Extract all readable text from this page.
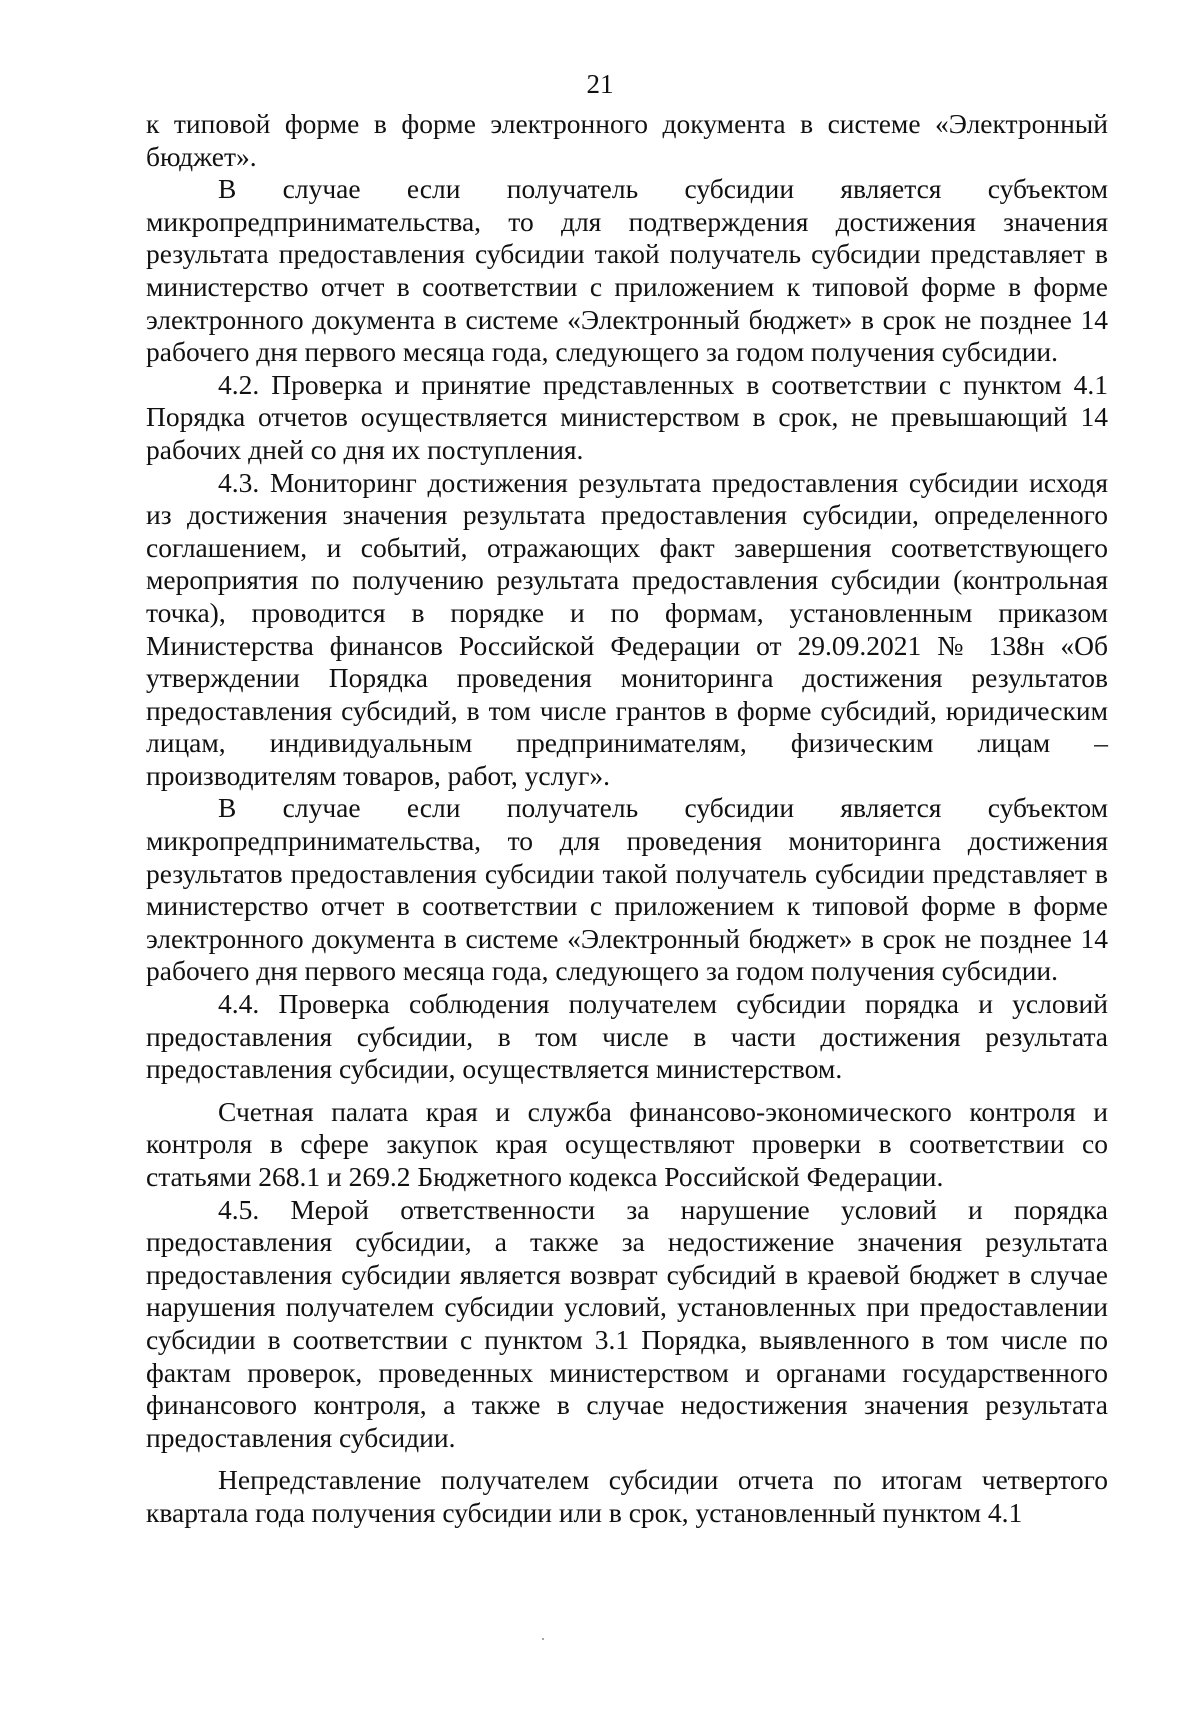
21

к типовой форме в форме электронного документа в системе «Электронный бюджет».

В случае если получатель субсидии является субъектом микропредпринимательства, то для подтверждения достижения значения результата предоставления субсидии такой получатель субсидии представляет в министерство отчет в соответствии с приложением к типовой форме в форме электронного документа в системе «Электронный бюджет» в срок не позднее 14 рабочего дня первого месяца года, следующего за годом получения субсидии.

4.2. Проверка и принятие представленных в соответствии с пунктом 4.1 Порядка отчетов осуществляется министерством в срок, не превышающий 14 рабочих дней со дня их поступления.

4.3. Мониторинг достижения результата предоставления субсидии исходя из достижения значения результата предоставления субсидии, определенного соглашением, и событий, отражающих факт завершения соответствующего мероприятия по получению результата предоставления субсидии (контрольная точка), проводится в порядке и по формам, установленным приказом Министерства финансов Российской Федерации от 29.09.2021 № 138н «Об утверждении Порядка проведения мониторинга достижения результатов предоставления субсидий, в том числе грантов в форме субсидий, юридическим лицам, индивидуальным предпринимателям, физическим лицам – производителям товаров, работ, услуг».

В случае если получатель субсидии является субъектом микропредпринимательства, то для проведения мониторинга достижения результатов предоставления субсидии такой получатель субсидии представляет в министерство отчет в соответствии с приложением к типовой форме в форме электронного документа в системе «Электронный бюджет» в срок не позднее 14 рабочего дня первого месяца года, следующего за годом получения субсидии.

4.4. Проверка соблюдения получателем субсидии порядка и условий предоставления субсидии, в том числе в части достижения результата предоставления субсидии, осуществляется министерством.

Счетная палата края и служба финансово-экономического контроля и контроля в сфере закупок края осуществляют проверки в соответствии со статьями 268.1 и 269.2 Бюджетного кодекса Российской Федерации.

4.5. Мерой ответственности за нарушение условий и порядка предоставления субсидии, а также за недостижение значения результата предоставления субсидии является возврат субсидий в краевой бюджет в случае нарушения получателем субсидии условий, установленных при предоставлении субсидии в соответствии с пунктом 3.1 Порядка, выявленного в том числе по фактам проверок, проведенных министерством и органами государственного финансового контроля, а также в случае недостижения значения результата предоставления субсидии.

Непредставление получателем субсидии отчета по итогам четвертого квартала года получения субсидии или в срок, установленный пунктом 4.1
